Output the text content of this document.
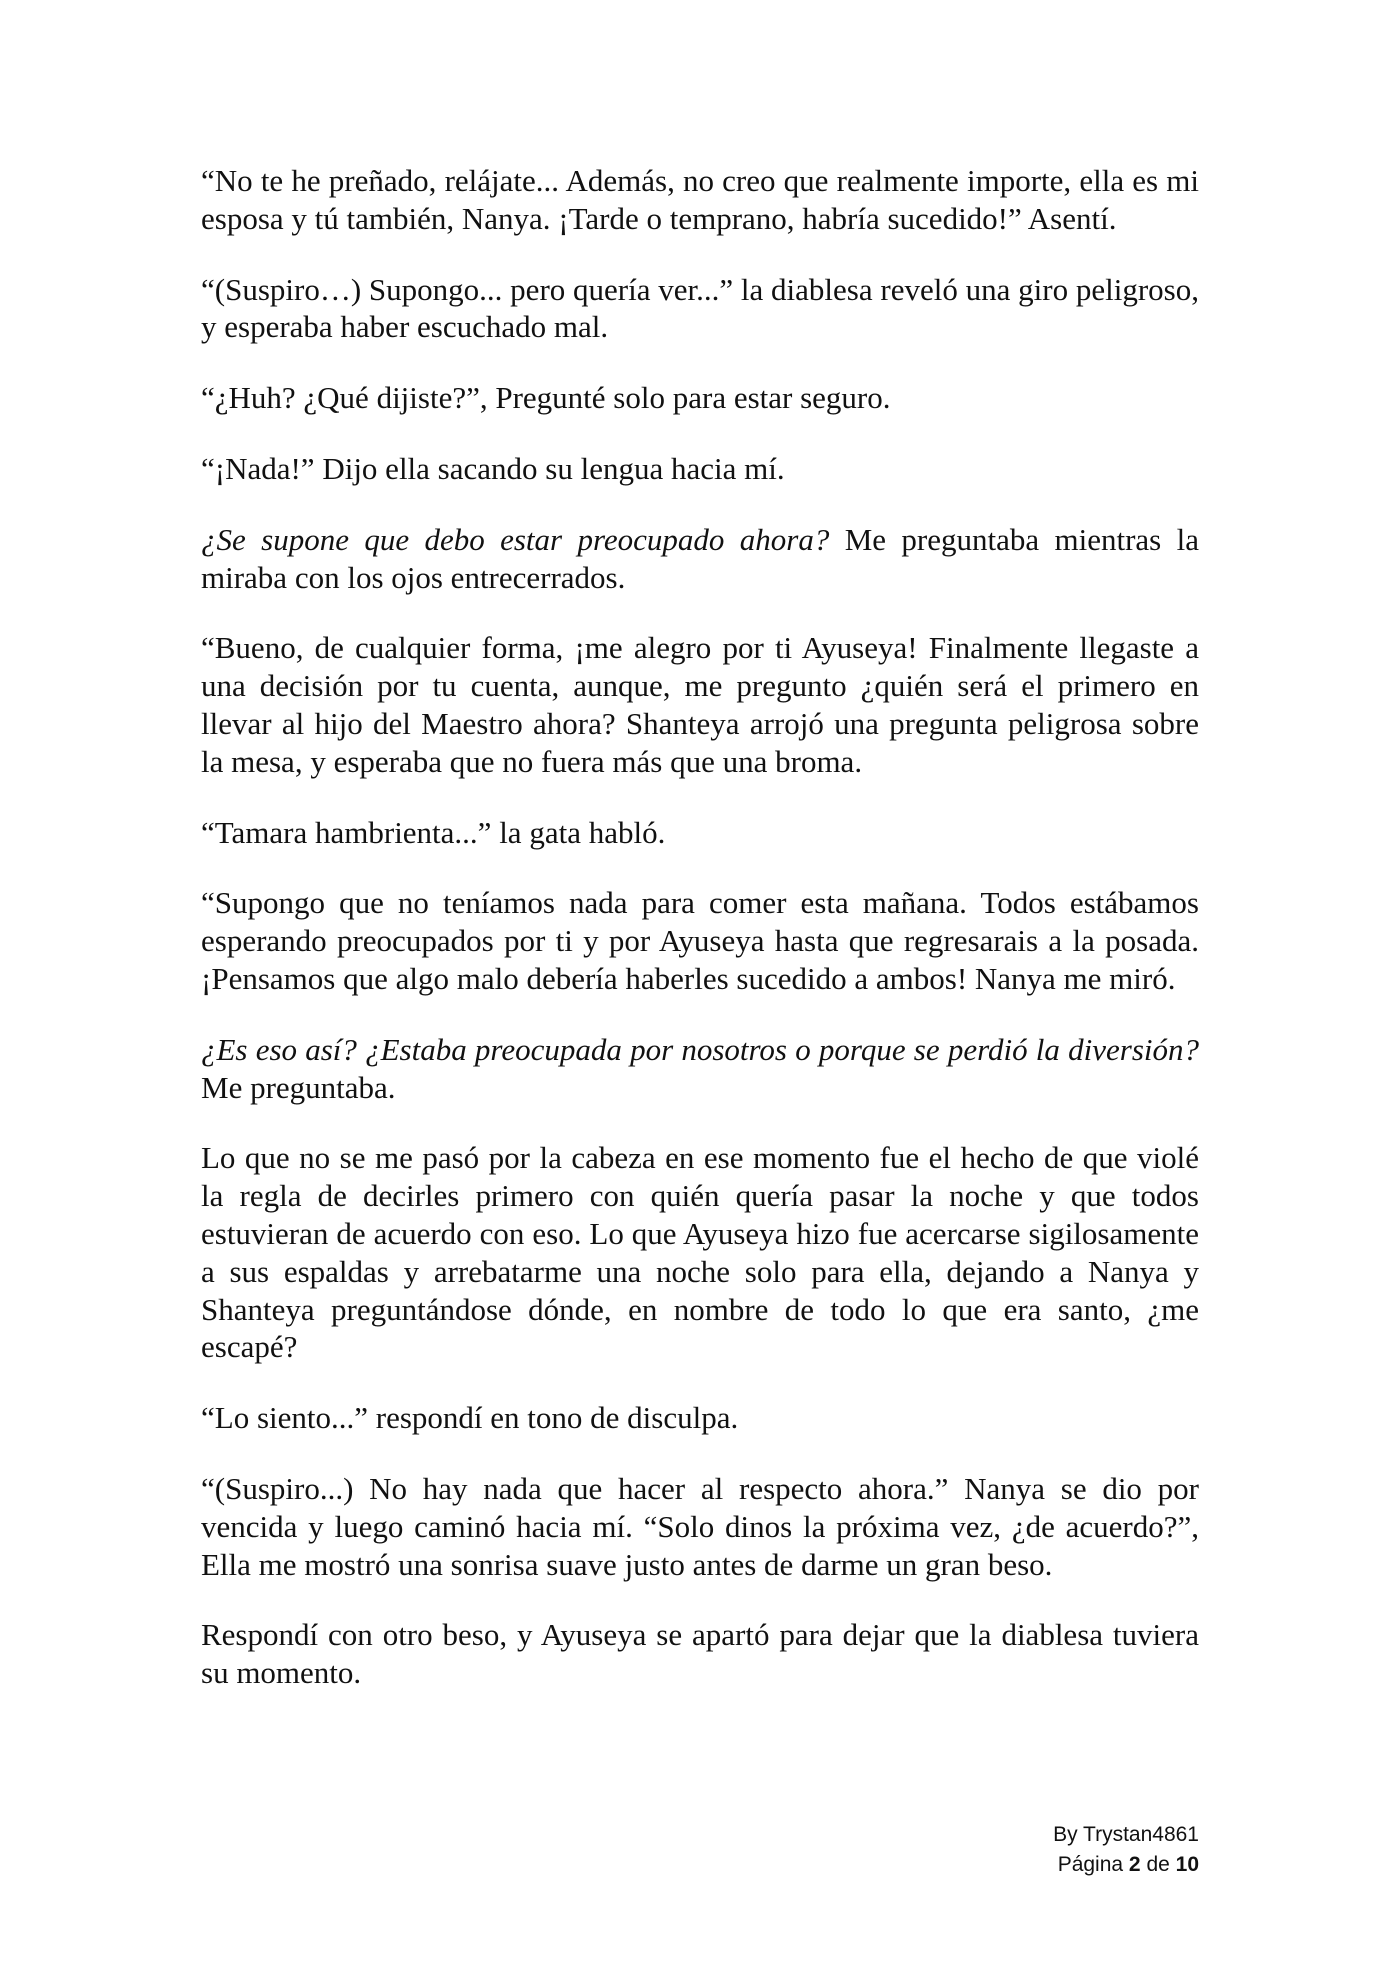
“No te he preñado, relájate... Además, no creo que realmente importe, ella es mi esposa y tú también, Nanya. ¡Tarde o temprano, habría sucedido!” Asentí.

“(Suspiro…) Supongo... pero quería ver...” la diablesa reveló una giro peligroso, y esperaba haber escuchado mal.

“¿Huh? ¿Qué dijiste?”, Pregunté solo para estar seguro.

“¡Nada!” Dijo ella sacando su lengua hacia mí.

¿Se supone que debo estar preocupado ahora? Me preguntaba mientras la miraba con los ojos entrecerrados.

“Bueno, de cualquier forma, ¡me alegro por ti Ayuseya! Finalmente llegaste a una decisión por tu cuenta, aunque, me pregunto ¿quién será el primero en llevar al hijo del Maestro ahora? Shanteya arrojó una pregunta peligrosa sobre la mesa, y esperaba que no fuera más que una broma.

“Tamara hambrienta...” la gata habló.

“Supongo que no teníamos nada para comer esta mañana. Todos estábamos esperando preocupados por ti y por Ayuseya hasta que regresarais a la posada. ¡Pensamos que algo malo debería haberles sucedido a ambos! Nanya me miró.

¿Es eso así? ¿Estaba preocupada por nosotros o porque se perdió la diversión? Me preguntaba.

Lo que no se me pasó por la cabeza en ese momento fue el hecho de que violé la regla de decirles primero con quién quería pasar la noche y que todos estuvieran de acuerdo con eso. Lo que Ayuseya hizo fue acercarse sigilosamente a sus espaldas y arrebatarme una noche solo para ella, dejando a Nanya y Shanteya preguntándose dónde, en nombre de todo lo que era santo, ¿me escapé?

“Lo siento...” respondí en tono de disculpa.

“(Suspiro...) No hay nada que hacer al respecto ahora.” Nanya se dio por vencida y luego caminó hacia mí. “Solo dinos la próxima vez, ¿de acuerdo?”, Ella me mostró una sonrisa suave justo antes de darme un gran beso.

Respondí con otro beso, y Ayuseya se apartó para dejar que la diablesa tuviera su momento.

By Trystan4861
Página 2 de 10
